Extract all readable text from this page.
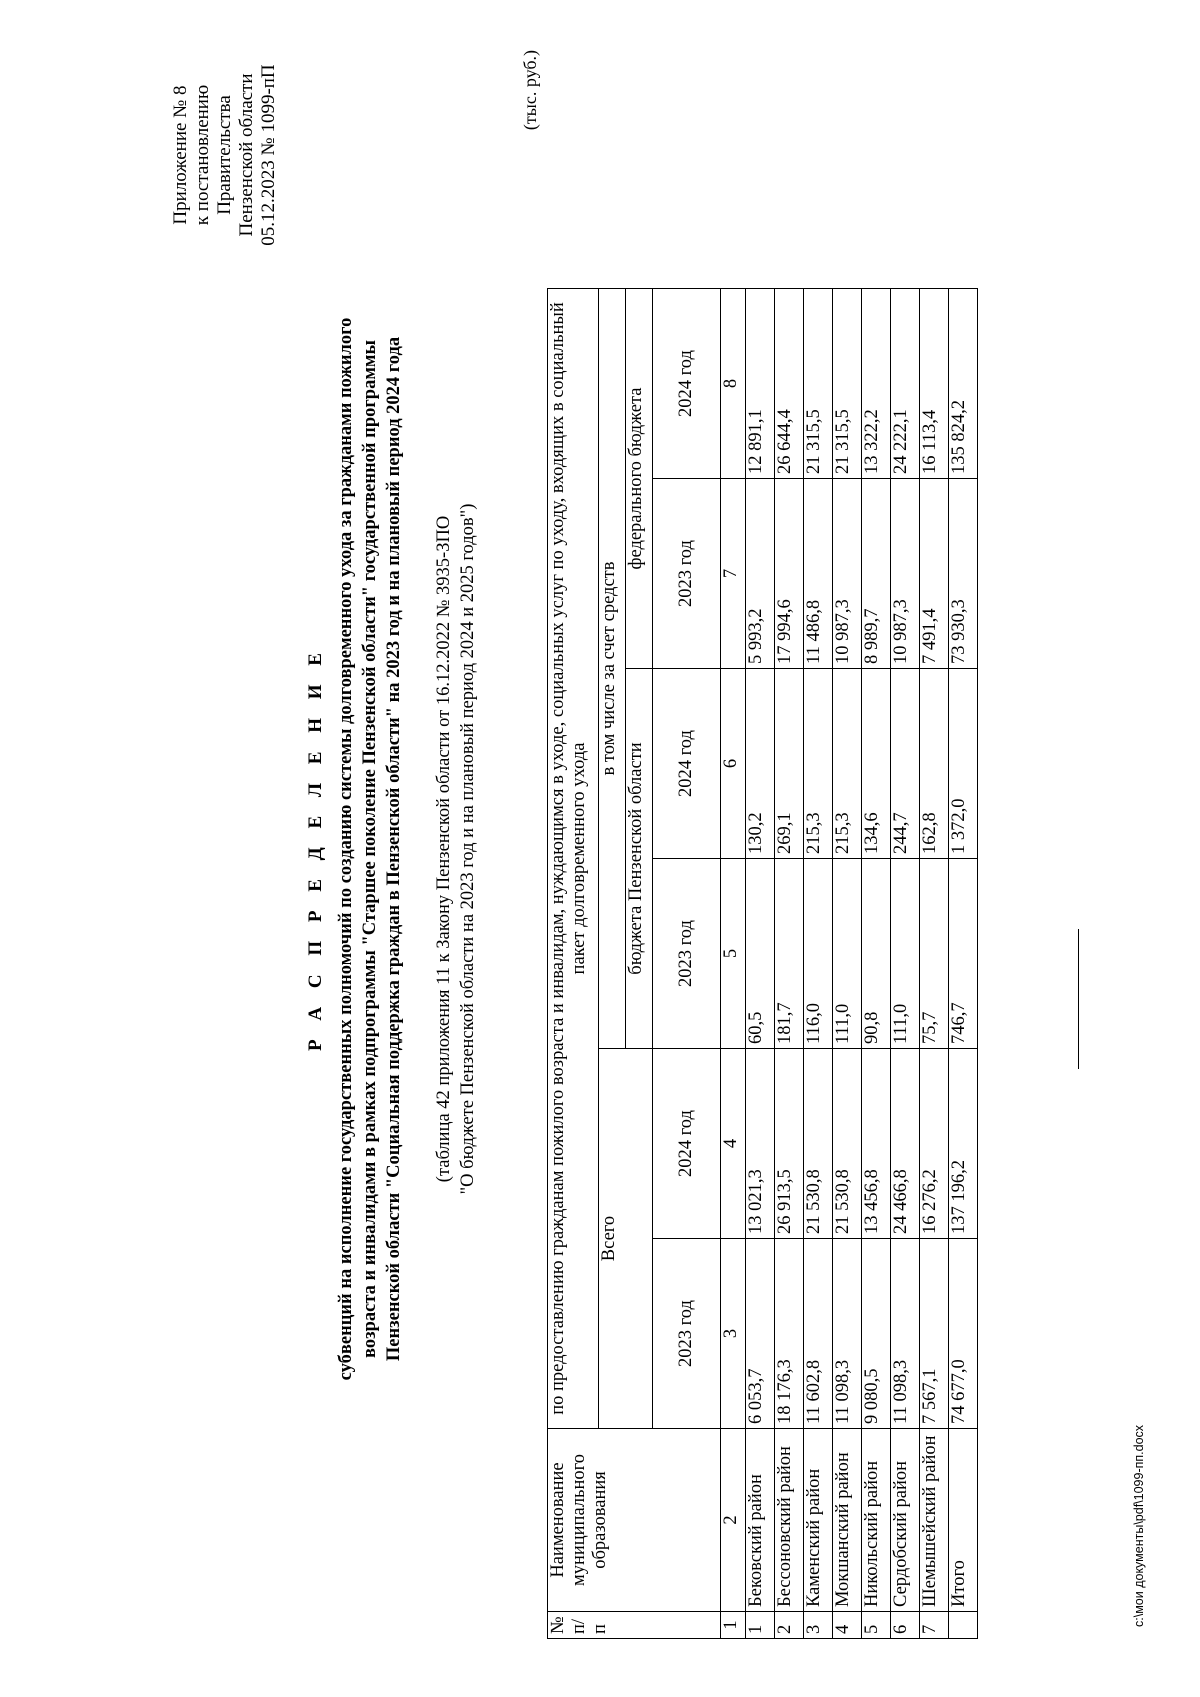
Приложение № 8 к постановлению Правительства Пензенской области 05.12.2023 № 1099-пП
Р А С П Р Е Д Е Л Е Н И Е субвенций на исполнение государственных полномочий по созданию системы долговременного ухода за гражданами пожилого возраста и инвалидами в рамках подпрограммы "Старшее поколение Пензенской области" государственной программы Пензенской области "Социальная поддержка граждан в Пензенской области" на 2023 год и на плановый период 2024 года (таблица 42 приложения 11 к Закону Пензенской области от 16.12.2022 № 3935-ЗПО "О бюджете Пензенской области на 2023 год и на плановый период 2024 и 2025 годов")
(тыс. руб.)
№ п/п	Наименование муниципального образования	по предоставлению гражданам пожилого возраста и инвалидам, нуждающимся в уходе, социальных услуг по уходу, входящих в социальный пакет долговременного ухода					
		Всего		в том числе за счет средств			
				бюджета Пензенской области		федерального бюджета	
		2023 год	2024 год	2023 год	2024 год	2023 год	2024 год
1	2	3	4	5	6	7	8
1	Бековский район	6 053,7	13 021,3	60,5	130,2	5 993,2	12 891,1
2	Бессоновский район	18 176,3	26 913,5	181,7	269,1	17 994,6	26 644,4
3	Каменский район	11 602,8	21 530,8	116,0	215,3	11 486,8	21 315,5
4	Мокшанский район	11 098,3	21 530,8	111,0	215,3	10 987,3	21 315,5
5	Никольский район	9 080,5	13 456,8	90,8	134,6	8 989,7	13 322,2
6	Сердобский район	11 098,3	24 466,8	111,0	244,7	10 987,3	24 222,1
7	Шемышейский район	7 567,1	16 276,2	75,7	162,8	7 491,4	16 113,4
	Итого	74 677,0	137 196,2	746,7	1 372,0	73 930,3	135 824,2
c:\мои документы\pdf\1099-пп.docx
